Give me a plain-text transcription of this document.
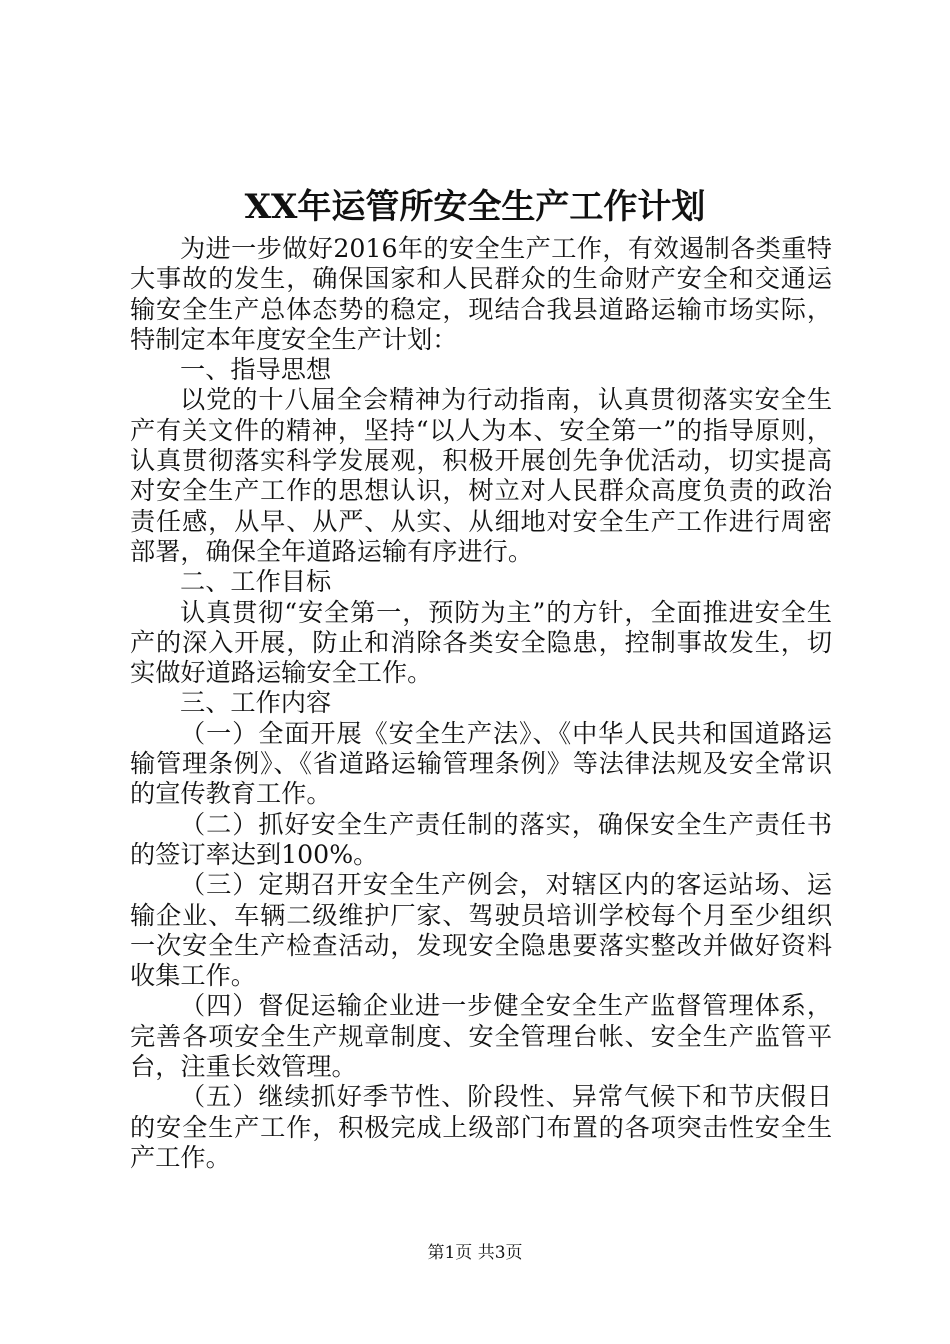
XX年运管所安全生产工作计划

为进一步做好2016年的安全生产工作，有效遏制各类重特大事故的发生，确保国家和人民群众的生命财产安全和交通运输安全生产总体态势的稳定，现结合我县道路运输市场实际，特制定本年度安全生产计划：

一、指导思想

以党的十八届全会精神为行动指南，认真贯彻落实安全生产有关文件的精神，坚持“以人为本、安全第一”的指导原则，认真贯彻落实科学发展观，积极开展创先争优活动，切实提高对安全生产工作的思想认识，树立对人民群众高度负责的政治责任感，从早、从严、从实、从细地对安全生产工作进行周密部署，确保全年道路运输有序进行。

二、工作目标

认真贯彻“安全第一，预防为主”的方针，全面推进安全生产的深入开展，防止和消除各类安全隐患，控制事故发生，切实做好道路运输安全工作。

三、工作内容

（一）全面开展《安全生产法》、《中华人民共和国道路运输管理条例》、《省道路运输管理条例》等法律法规及安全常识的宣传教育工作。

（二）抓好安全生产责任制的落实，确保安全生产责任书的签订率达到100%。

（三）定期召开安全生产例会，对辖区内的客运站场、运输企业、车辆二级维护厂家、驾驶员培训学校每个月至少组织一次安全生产检查活动，发现安全隐患要落实整改并做好资料收集工作。

（四）督促运输企业进一步健全安全生产监督管理体系，完善各项安全生产规章制度、安全管理台帐、安全生产监管平台，注重长效管理。

（五）继续抓好季节性、阶段性、异常气候下和节庆假日的安全生产工作，积极完成上级部门布置的各项突击性安全生产工作。

第1页 共3页
